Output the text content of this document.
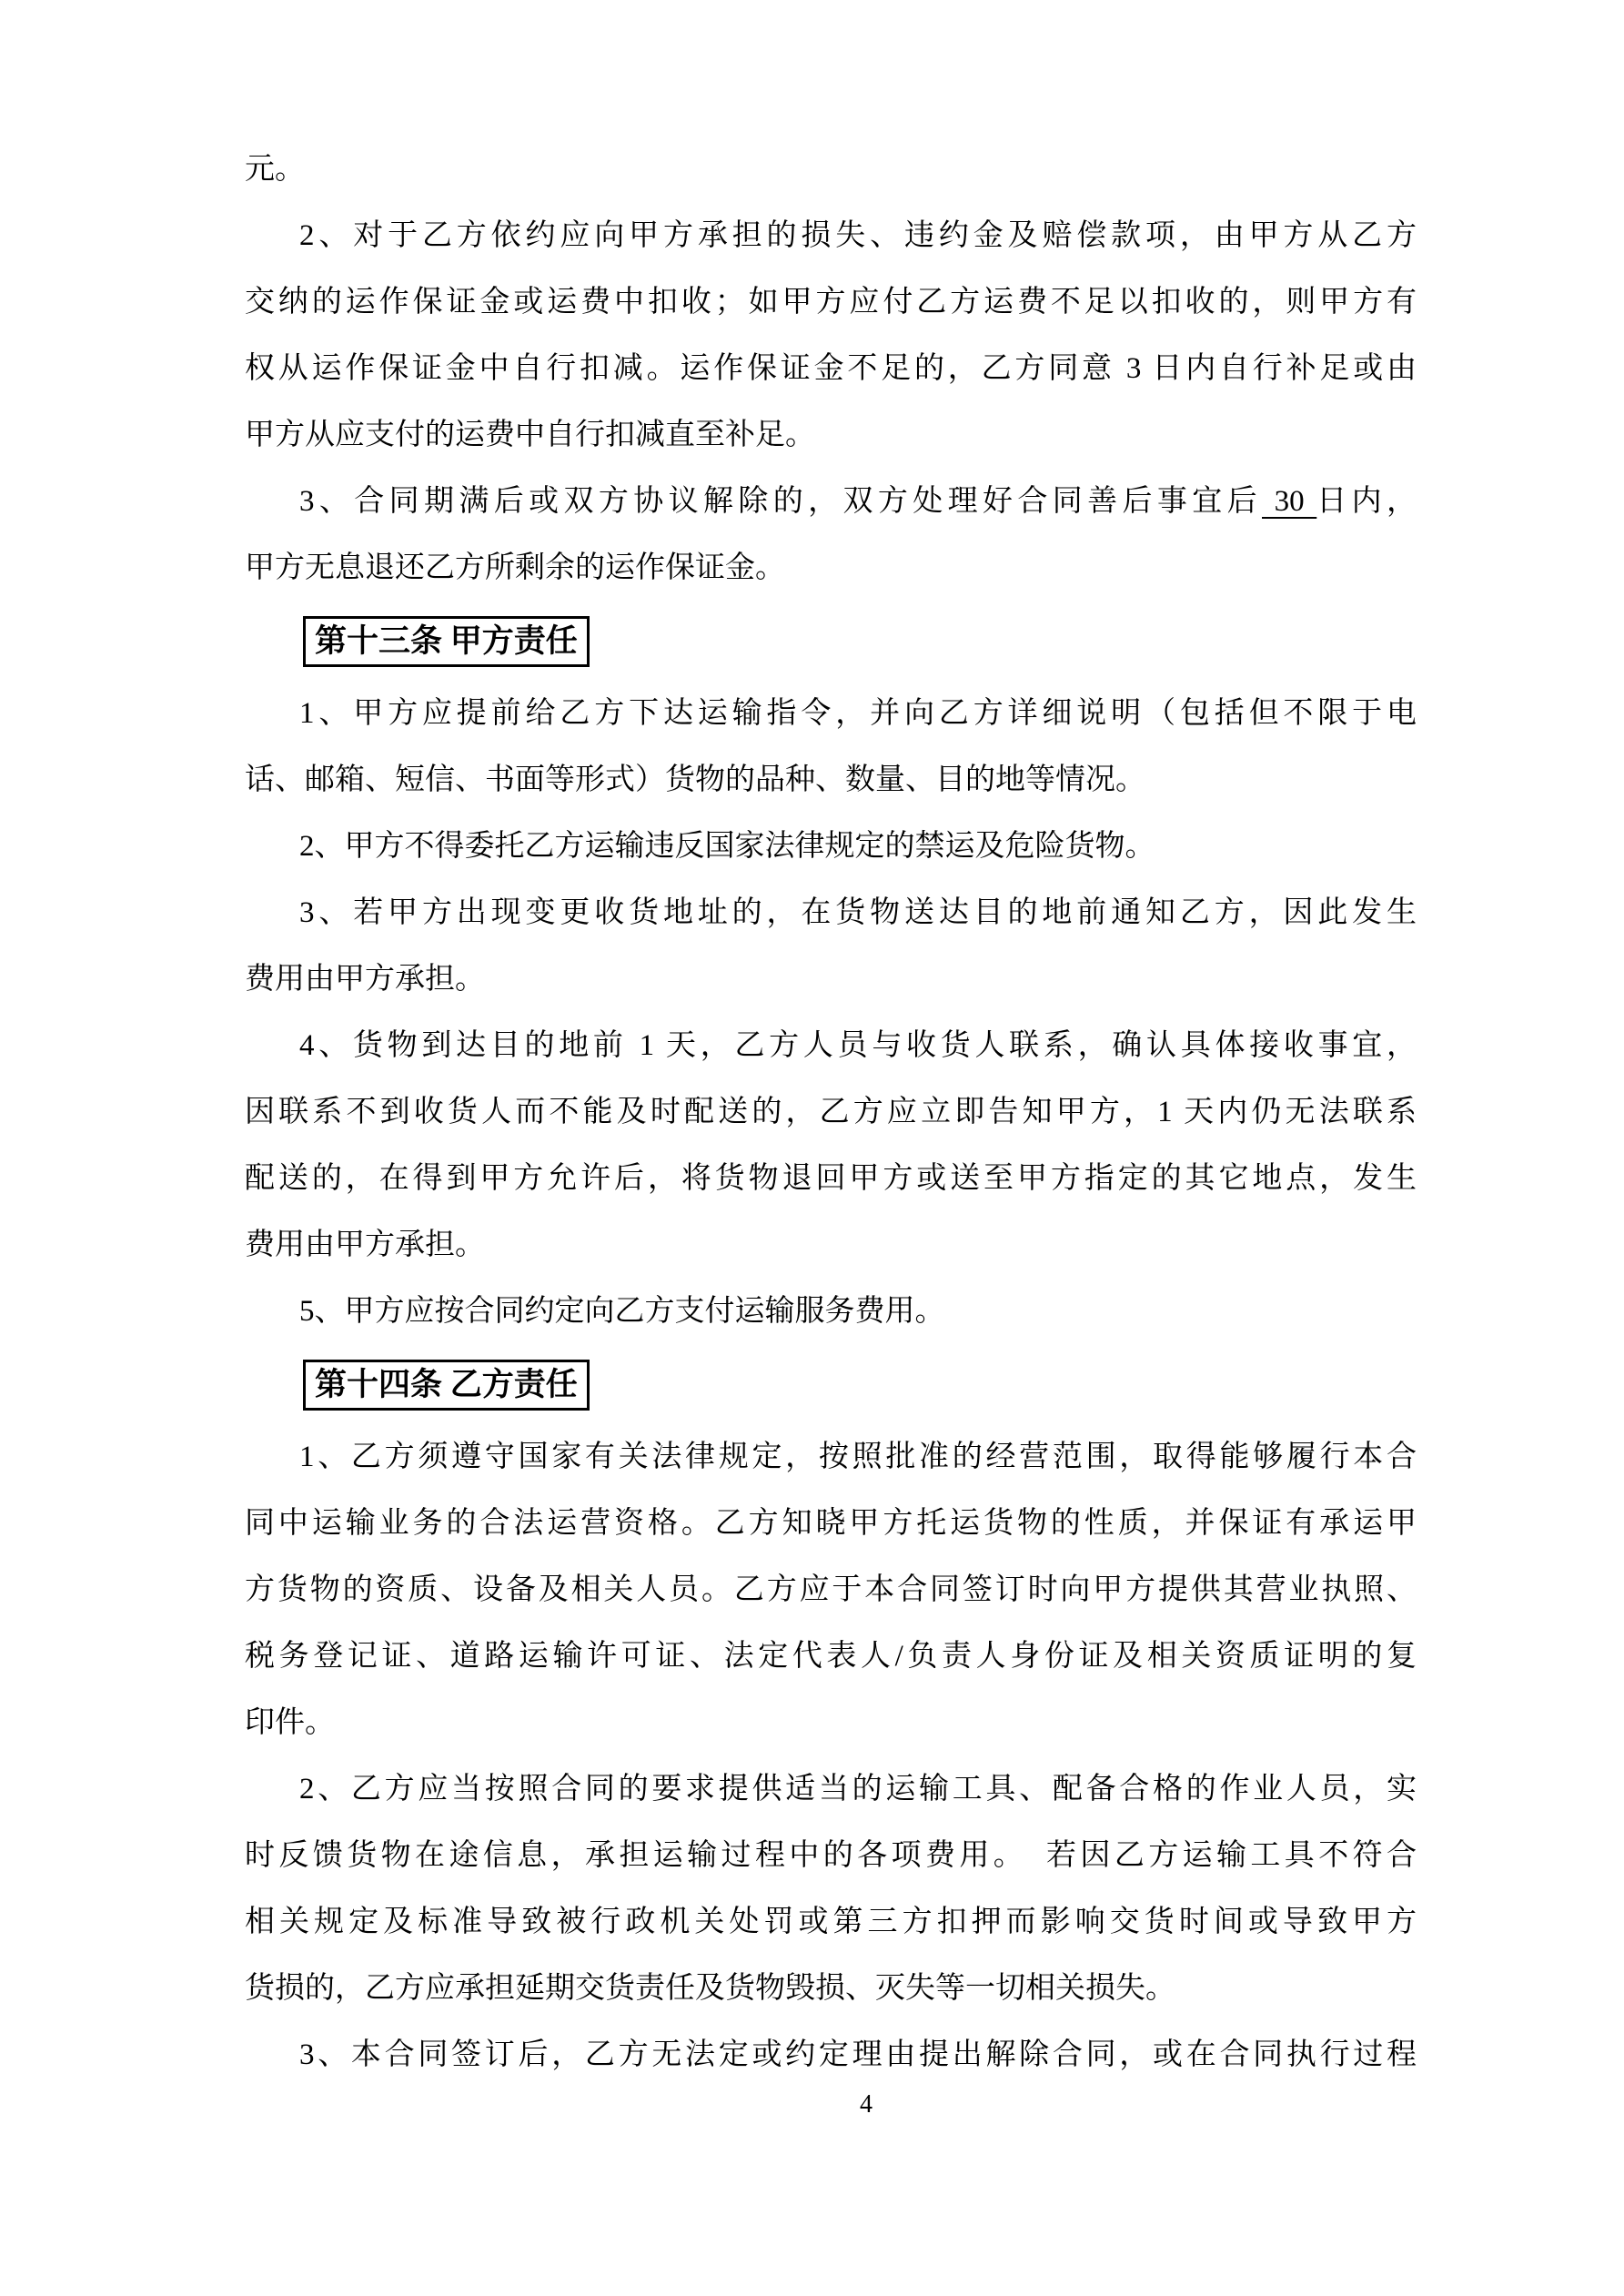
元。
2、对于乙方依约应向甲方承担的损失、违约金及赔偿款项，由甲方从乙方
交纳的运作保证金或运费中扣收；如甲方应付乙方运费不足以扣收的，则甲方有
权从运作保证金中自行扣减。运作保证金不足的，乙方同意 3 日内自行补足或由
甲方从应支付的运费中自行扣减直至补足。
3、合同期满后或双方协议解除的，双方处理好合同善后事宜后 30 日内，
甲方无息退还乙方所剩余的运作保证金。
第十三条 甲方责任
1、甲方应提前给乙方下达运输指令，并向乙方详细说明（包括但不限于电
话、邮箱、短信、书面等形式）货物的品种、数量、目的地等情况。
2、甲方不得委托乙方运输违反国家法律规定的禁运及危险货物。
3、若甲方出现变更收货地址的，在货物送达目的地前通知乙方，因此发生
费用由甲方承担。
4、货物到达目的地前 1 天，乙方人员与收货人联系，确认具体接收事宜，
因联系不到收货人而不能及时配送的，乙方应立即告知甲方，1 天内仍无法联系
配送的，在得到甲方允许后，将货物退回甲方或送至甲方指定的其它地点，发生
费用由甲方承担。
5、甲方应按合同约定向乙方支付运输服务费用。
第十四条 乙方责任
1、乙方须遵守国家有关法律规定，按照批准的经营范围，取得能够履行本合
同中运输业务的合法运营资格。乙方知晓甲方托运货物的性质，并保证有承运甲
方货物的资质、设备及相关人员。乙方应于本合同签订时向甲方提供其营业执照、
税务登记证、道路运输许可证、法定代表人/负责人身份证及相关资质证明的复
印件。
2、乙方应当按照合同的要求提供适当的运输工具、配备合格的作业人员，实
时反馈货物在途信息，承担运输过程中的各项费用。　若因乙方运输工具不符合
相关规定及标准导致被行政机关处罚或第三方扣押而影响交货时间或导致甲方
货损的，乙方应承担延期交货责任及货物毁损、灭失等一切相关损失。
3、本合同签订后，乙方无法定或约定理由提出解除合同，或在合同执行过程
4
